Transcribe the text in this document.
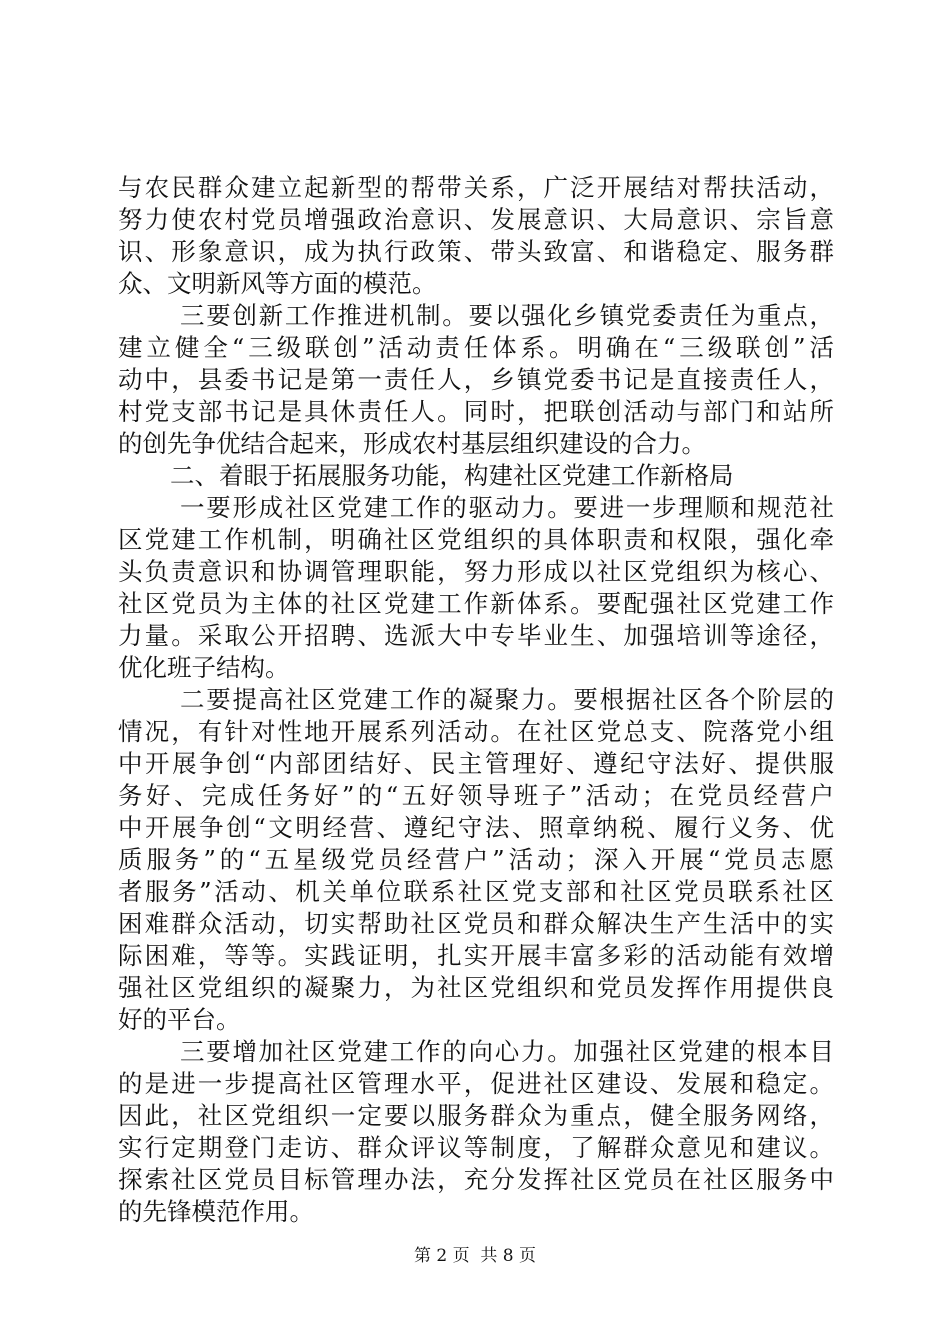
与农民群众建立起新型的帮带关系，广泛开展结对帮扶活动，
努力使农村党员增强政治意识、发展意识、大局意识、宗旨意
识、形象意识，成为执行政策、带头致富、和谐稳定、服务群
众、文明新风等方面的模范。
三要创新工作推进机制。要以强化乡镇党委责任为重点，
建立健全“三级联创”活动责任体系。明确在“三级联创”活
动中，县委书记是第一责任人，乡镇党委书记是直接责任人，
村党支部书记是具休责任人。同时，把联创活动与部门和站所
的创先争优结合起来，形成农村基层组织建设的合力。
二、着眼于拓展服务功能，构建社区党建工作新格局
一要形成社区党建工作的驱动力。要进一步理顺和规范社
区党建工作机制，明确社区党组织的具体职责和权限，强化牵
头负责意识和协调管理职能，努力形成以社区党组织为核心、
社区党员为主体的社区党建工作新体系。要配强社区党建工作
力量。采取公开招聘、选派大中专毕业生、加强培训等途径，
优化班子结构。
二要提高社区党建工作的凝聚力。要根据社区各个阶层的
情况，有针对性地开展系列活动。在社区党总支、院落党小组
中开展争创“内部团结好、民主管理好、遵纪守法好、提供服
务好、完成任务好”的“五好领导班子”活动；在党员经营户
中开展争创“文明经营、遵纪守法、照章纳税、履行义务、优
质服务”的“五星级党员经营户”活动；深入开展“党员志愿
者服务”活动、机关单位联系社区党支部和社区党员联系社区
困难群众活动，切实帮助社区党员和群众解决生产生活中的实
际困难，等等。实践证明，扎实开展丰富多彩的活动能有效增
强社区党组织的凝聚力，为社区党组织和党员发挥作用提供良
好的平台。
三要增加社区党建工作的向心力。加强社区党建的根本目
的是进一步提高社区管理水平，促进社区建设、发展和稳定。
因此，社区党组织一定要以服务群众为重点，健全服务网络，
实行定期登门走访、群众评议等制度，了解群众意见和建议。
探索社区党员目标管理办法，充分发挥社区党员在社区服务中
的先锋模范作用。
第 2 页  共 8 页
